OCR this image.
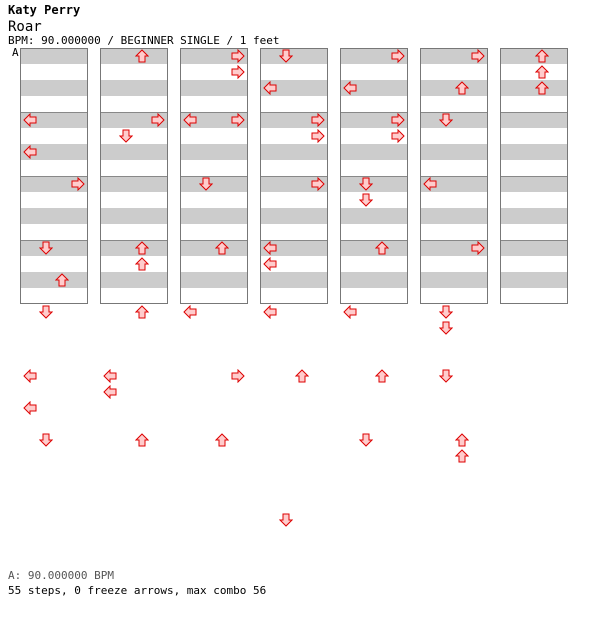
Katy Perry
Roar
BPM: 90.000000 / BEGINNER SINGLE / 1 feet
A
A: 90.000000 BPM
55 steps, 0 freeze arrows, max combo 56
